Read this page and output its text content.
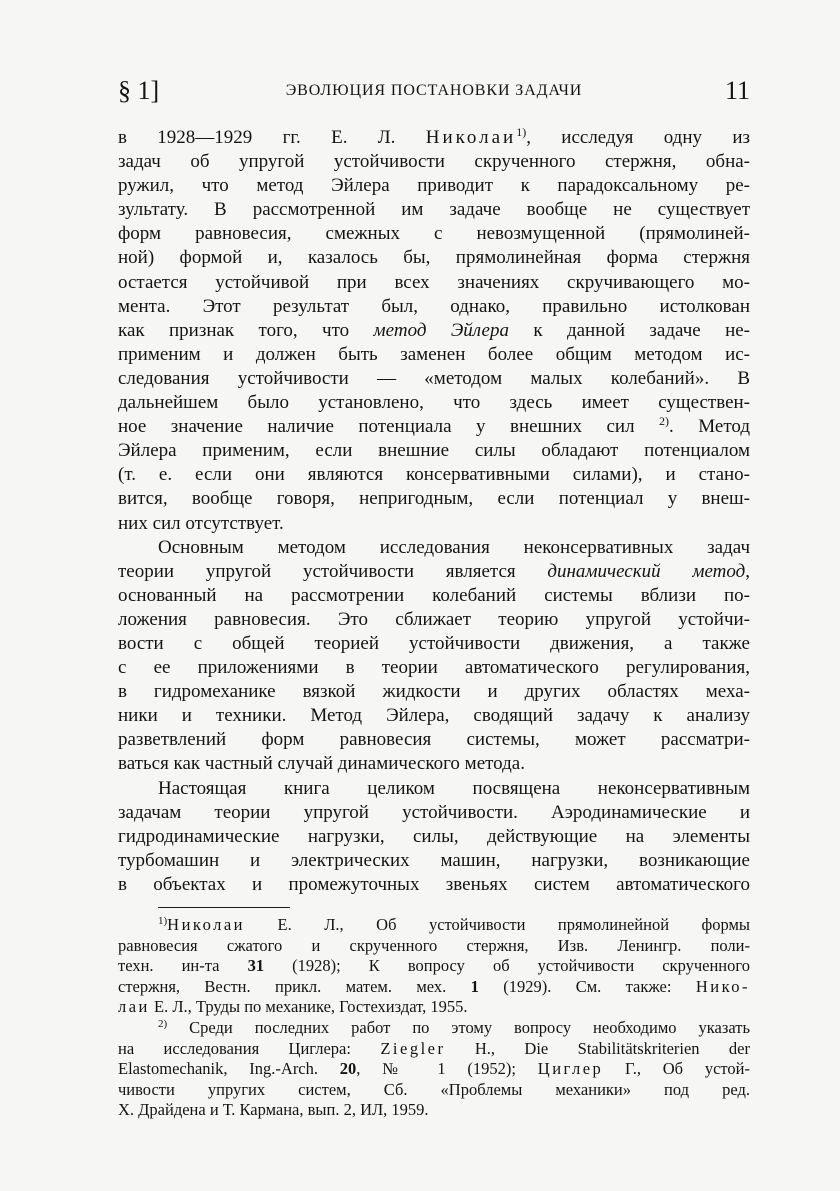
§ 1]	ЭВОЛЮЦИЯ ПОСТАНОВКИ ЗАДАЧИ	11
в 1928—1929 гг. Е. Л. Николаи$^{1)}$, исследуя одну из
задач об упругой устойчивости скрученного стержня, обна-
ружил, что метод Эйлера приводит к парадоксальному ре-
зультату. В рассмотренной им задаче вообще не существует
форм равновесия, смежных с невозмущенной (прямолиней-
ной) формой и, казалось бы, прямолинейная форма стержня
остается устойчивой при всех значениях скручивающего мо-
мента. Этот результат был, однако, правильно истолкован
как признак того, что метод Эйлера к данной задаче не-
применим и должен быть заменен более общим методом ис-
следования устойчивости — «методом малых колебаний». В
дальнейшем было установлено, что здесь имеет существен-
ное значение наличие потенциала у внешних сил $^{2)}$. Метод
Эйлера применим, если внешние силы обладают потенциалом
(т. е. если они являются консервативными силами), и стано-
вится, вообще говоря, непригодным, если потенциал у внеш-
них сил отсутствует.
Основным методом исследования неконсервативных задач
теории упругой устойчивости является динамический метод,
основанный на рассмотрении колебаний системы вблизи по-
ложения равновесия. Это сближает теорию упругой устойчи-
вости с общей теорией устойчивости движения, а также
с ее приложениями в теории автоматического регулирования,
в гидромеханике вязкой жидкости и других областях меха-
ники и техники. Метод Эйлера, сводящий задачу к анализу
разветвлений форм равновесия системы, может рассматри-
ваться как частный случай динамического метода.
Настоящая книга целиком посвящена неконсервативным
задачам теории упругой устойчивости. Аэродинамические и
гидродинамические нагрузки, силы, действующие на элементы
турбомашин и электрических машин, нагрузки, возникающие
в объектах и промежуточных звеньях систем автоматического
$^{1)}$Николаи Е. Л., Об устойчивости прямолинейной формы
равновесия сжатого и скрученного стержня, Изв. Ленингр. поли-
техн. ин-та 31 (1928); К вопросу об устойчивости скрученного
стержня, Вестн. прикл. матем. мех. 1 (1929). См. также: Нико-
лаи Е. Л., Труды по механике, Гостехиздат, 1955.
$^{2)}$ Среди последних работ по этому вопросу необходимо указать
на исследования Циглера: Ziegler H., Die Stabilitätskriterien der
Elastomechanik, Ing.-Arch. 20, № 1 (1952); Циглер Г., Об устой-
чивости упругих систем, Сб. «Проблемы механики» под ред.
Х. Драйдена и Т. Кармана, вып. 2, ИЛ, 1959.
